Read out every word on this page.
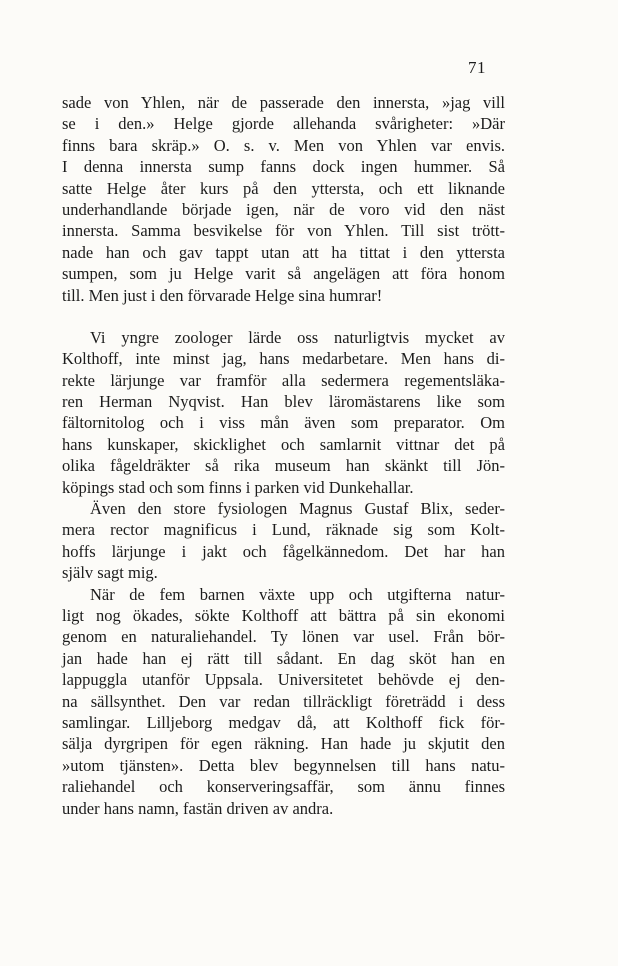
71
sade von Yhlen, när de passerade den innersta, »jag vill
se i den.» Helge gjorde allehanda svårigheter: »Där
finns bara skräp.» O. s. v. Men von Yhlen var envis.
I denna innersta sump fanns dock ingen hummer. Så
satte Helge åter kurs på den yttersta, och ett liknande
underhandlande började igen, när de voro vid den näst
innersta. Samma besvikelse för von Yhlen. Till sist trött-
nade han och gav tappt utan att ha tittat i den yttersta
sumpen, som ju Helge varit så angelägen att föra honom
till. Men just i den förvarade Helge sina humrar!
Vi yngre zoologer lärde oss naturligtvis mycket av
Kolthoff, inte minst jag, hans medarbetare. Men hans di-
rekte lärjunge var framför alla sedermera regementsläka-
ren Herman Nyqvist. Han blev läromästarens like som
fältornitolog och i viss mån även som preparator. Om
hans kunskaper, skicklighet och samlarnit vittnar det på
olika fågeldräkter så rika museum han skänkt till Jön-
köpings stad och som finns i parken vid Dunkehallar.
Även den store fysiologen Magnus Gustaf Blix, seder-
mera rector magnificus i Lund, räknade sig som Kolt-
hoffs lärjunge i jakt och fågelkännedom. Det har han
själv sagt mig.
När de fem barnen växte upp och utgifterna natur-
ligt nog ökades, sökte Kolthoff att bättra på sin ekonomi
genom en naturaliehandel. Ty lönen var usel. Från bör-
jan hade han ej rätt till sådant. En dag sköt han en
lappuggla utanför Uppsala. Universitetet behövde ej den-
na sällsynthet. Den var redan tillräckligt företrädd i dess
samlingar. Lilljeborg medgav då, att Kolthoff fick för-
sälja dyrgripen för egen räkning. Han hade ju skjutit den
»utom tjänsten». Detta blev begynnelsen till hans natu-
raliehandel och konserveringsaffär, som ännu finnes
under hans namn, fastän driven av andra.
